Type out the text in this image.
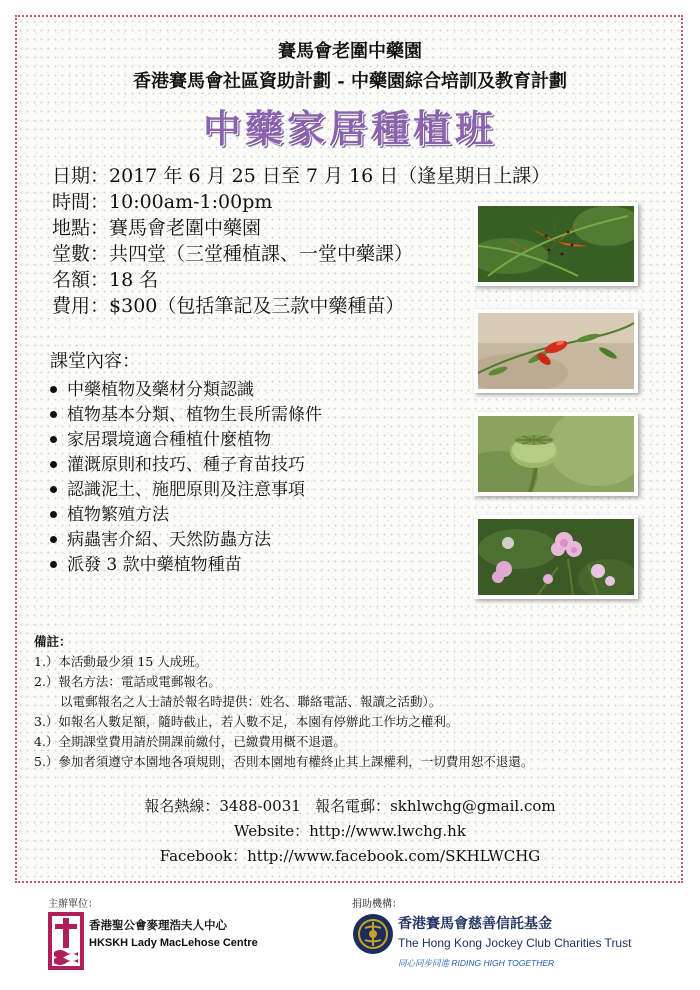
賽馬會老圍中藥園
香港賽馬會社區資助計劃 - 中藥園綜合培訓及教育計劃
中藥家居種植班
日期：2017 年 6 月 25 日至 7 月 16 日（逢星期日上課）
時間：10:00am-1:00pm
地點：賽馬會老圍中藥園
堂數：共四堂（三堂種植課、一堂中藥課）
名額：18 名
費用：$300（包括筆記及三款中藥種苗）
課堂內容：
中藥植物及藥材分類認識
植物基本分類、植物生長所需條件
家居環境適合種植什麼植物
灌溉原則和技巧、種子育苗技巧
認識泥土、施肥原則及注意事項
植物繁殖方法
病蟲害介紹、天然防蟲方法
派發 3 款中藥植物種苗
備註：
1.）本活動最少須 15 人成班。
2.）報名方法：電話或電郵報名。
以電郵報名之人士請於報名時提供：姓名、聯絡電話、報讀之活動）。
3.）如報名人數足額，隨時截止，若人數不足，本園有停辦此工作坊之權利。
4.）全期課堂費用請於開課前繳付，已繳費用概不退還。
5.）參加者須遵守本園地各項規則，否則本園地有權終止其上課權利，一切費用恕不退還。
報名熱線：3488-0031 報名電郵：skhlwchg@gmail.com
Website：http://www.lwchg.hk
Facebook：http://www.facebook.com/SKHLWCHG
主辦單位：
香港聖公會麥理浩夫人中心
HKSKH Lady MacLehose Centre
捐助機構：
香港賽馬會慈善信託基金
The Hong Kong Jockey Club Charities Trust
同心同步同進 RIDING HIGH TOGETHER
